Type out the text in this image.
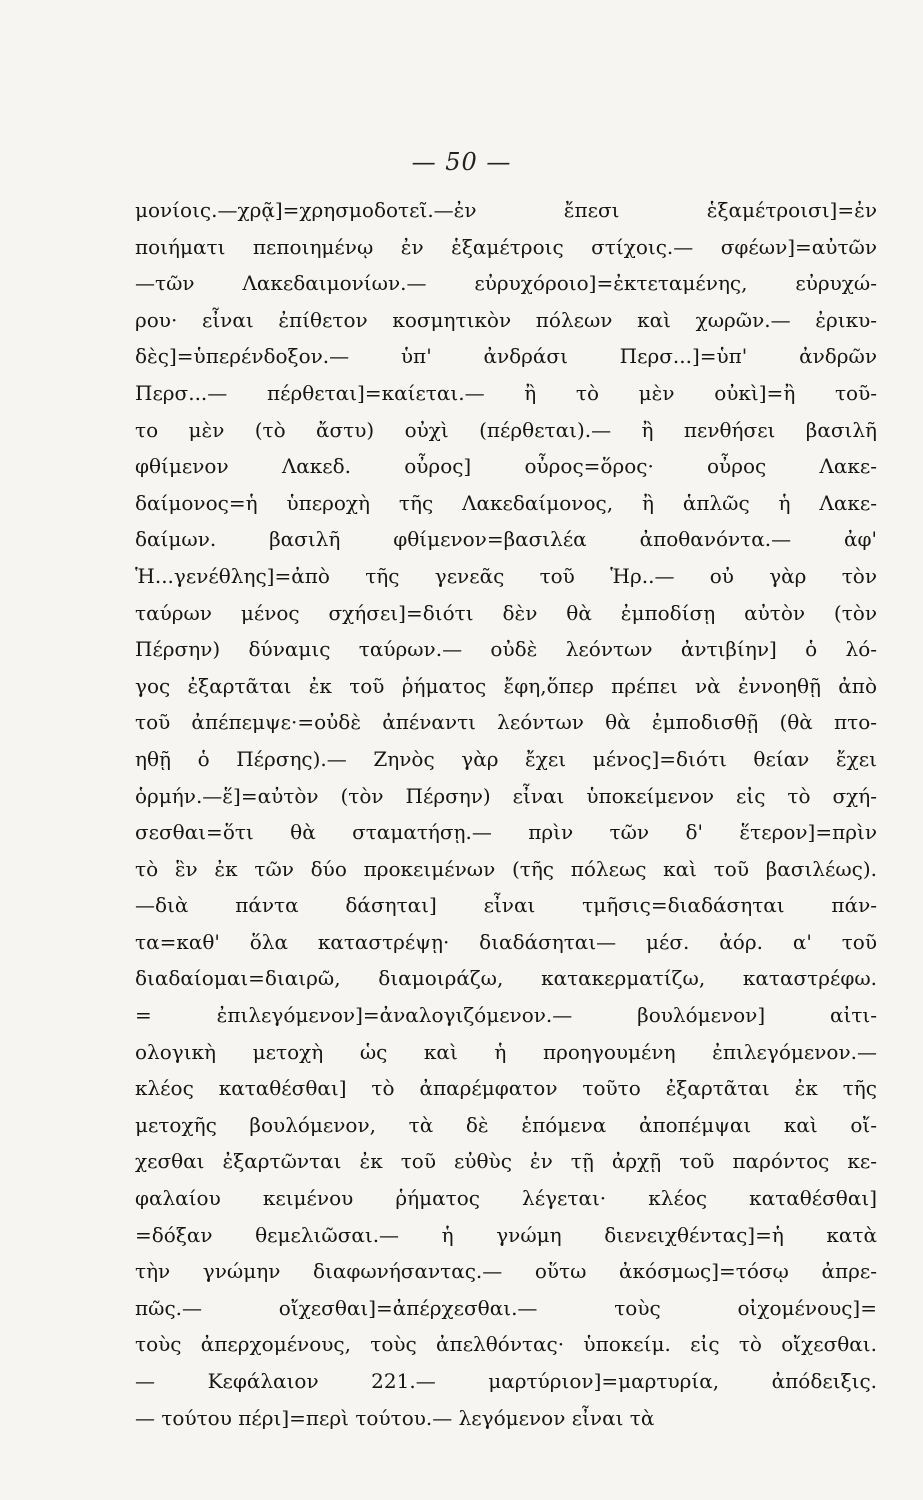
— 50 —
μονίοις.—χρᾷ]=χρησμοδοτεῖ.—ἐν ἔπεσι ἑξαμέτροισι]=ἐν
ποιήματι πεποιημένῳ ἐν ἑξαμέτροις στίχοις.— σφέων]=αὐτῶν
—τῶν Λακεδαιμονίων.— εὐρυχόροιο]=ἐκτεταμένης, εὐρυχώ-
ρου· εἶναι ἐπίθετον κοσμητικὸν πόλεων καὶ χωρῶν.— ἐρικυ-
δὲς]=ὑπερένδοξον.— ὑπ' ἀνδράσι Περσ...]=ὑπ' ἀνδρῶν
Περσ...— πέρθεται]=καίεται.— ἢ τὸ μὲν οὐκὶ]=ἢ τοῦ-
το μὲν (τὸ ἄστυ) οὐχὶ (πέρθεται).— ἢ πενθήσει βασιλῆ
φθίμενον Λακεδ. οὖρος] οὖρος=ὅρος· οὖρος Λακε-
δαίμονος=ἡ ὑπεροχὴ τῆς Λακεδαίμονος, ἢ ἁπλῶς ἡ Λακε-
δαίμων. βασιλῆ φθίμενον=βασιλέα ἀποθανόντα.— ἀφ'
Ἡ...γενέθλης]=ἀπὸ τῆς γενεᾶς τοῦ Ἡρ..— οὐ γὰρ τὸν
ταύρων μένος σχήσει]=διότι δὲν θὰ ἐμποδίσῃ αὐτὸν (τὸν
Πέρσην) δύναμις ταύρων.— οὐδὲ λεόντων ἀντιβίην] ὁ λό-
γος ἐξαρτᾶται ἐκ τοῦ ῥήματος ἔφη,ὅπερ πρέπει νὰ ἐννοηθῇ ἀπὸ
τοῦ ἀπέπεμψε·=οὐδὲ ἀπέναντι λεόντων θὰ ἐμποδισθῇ (θὰ πτο-
ηθῇ ὁ Πέρσης).— Ζηνὸς γὰρ ἔχει μένος]=διότι θείαν ἔχει
ὁρμήν.—ἕ]=αὐτὸν (τὸν Πέρσην) εἶναι ὑποκείμενον εἰς τὸ σχή-
σεσθαι=ὅτι θὰ σταματήσῃ.— πρὶν τῶν δ' ἕτερον]=πρὶν
τὸ ἓν ἐκ τῶν δύο προκειμένων (τῆς πόλεως καὶ τοῦ βασιλέως).
—διὰ πάντα δάσηται] εἶναι τμῆσις=διαδάσηται πάν-
τα=καθ' ὅλα καταστρέψῃ· διαδάσηται— μέσ. ἀόρ. α' τοῦ
διαδαίομαι=διαιρῶ, διαμοιράζω, κατακερματίζω, καταστρέφω.
= ἐπιλεγόμενον]=ἀναλογιζόμενον.— βουλόμενον] αἰτι-
ολογικὴ μετοχὴ ὡς καὶ ἡ προηγουμένη ἐπιλεγόμενον.—
κλέος καταθέσθαι] τὸ ἀπαρέμφατον τοῦτο ἐξαρτᾶται ἐκ τῆς
μετοχῆς βουλόμενον, τὰ δὲ ἑπόμενα ἀποπέμψαι καὶ οἴ-
χεσθαι ἐξαρτῶνται ἐκ τοῦ εὐθὺς ἐν τῇ ἀρχῇ τοῦ παρόντος κε-
φαλαίου κειμένου ῥήματος λέγεται· κλέος καταθέσθαι]
=δόξαν θεμελιῶσαι.— ἡ γνώμη διενειχθέντας]=ἡ κατὰ
τὴν γνώμην διαφωνήσαντας.— οὕτω ἀκόσμως]=τόσῳ ἀπρε-
πῶς.— οἴχεσθαι]=ἀπέρχεσθαι.— τοὺς οἰχομένους]=
τοὺς ἀπερχομένους, τοὺς ἀπελθόντας· ὑποκείμ. εἰς τὸ οἴχεσθαι.
— Κεφάλαιον 221.— μαρτύριον]=μαρτυρία, ἀπόδειξις.
— τούτου πέρι]=περὶ τούτου.— λεγόμενον εἶναι τὰ
